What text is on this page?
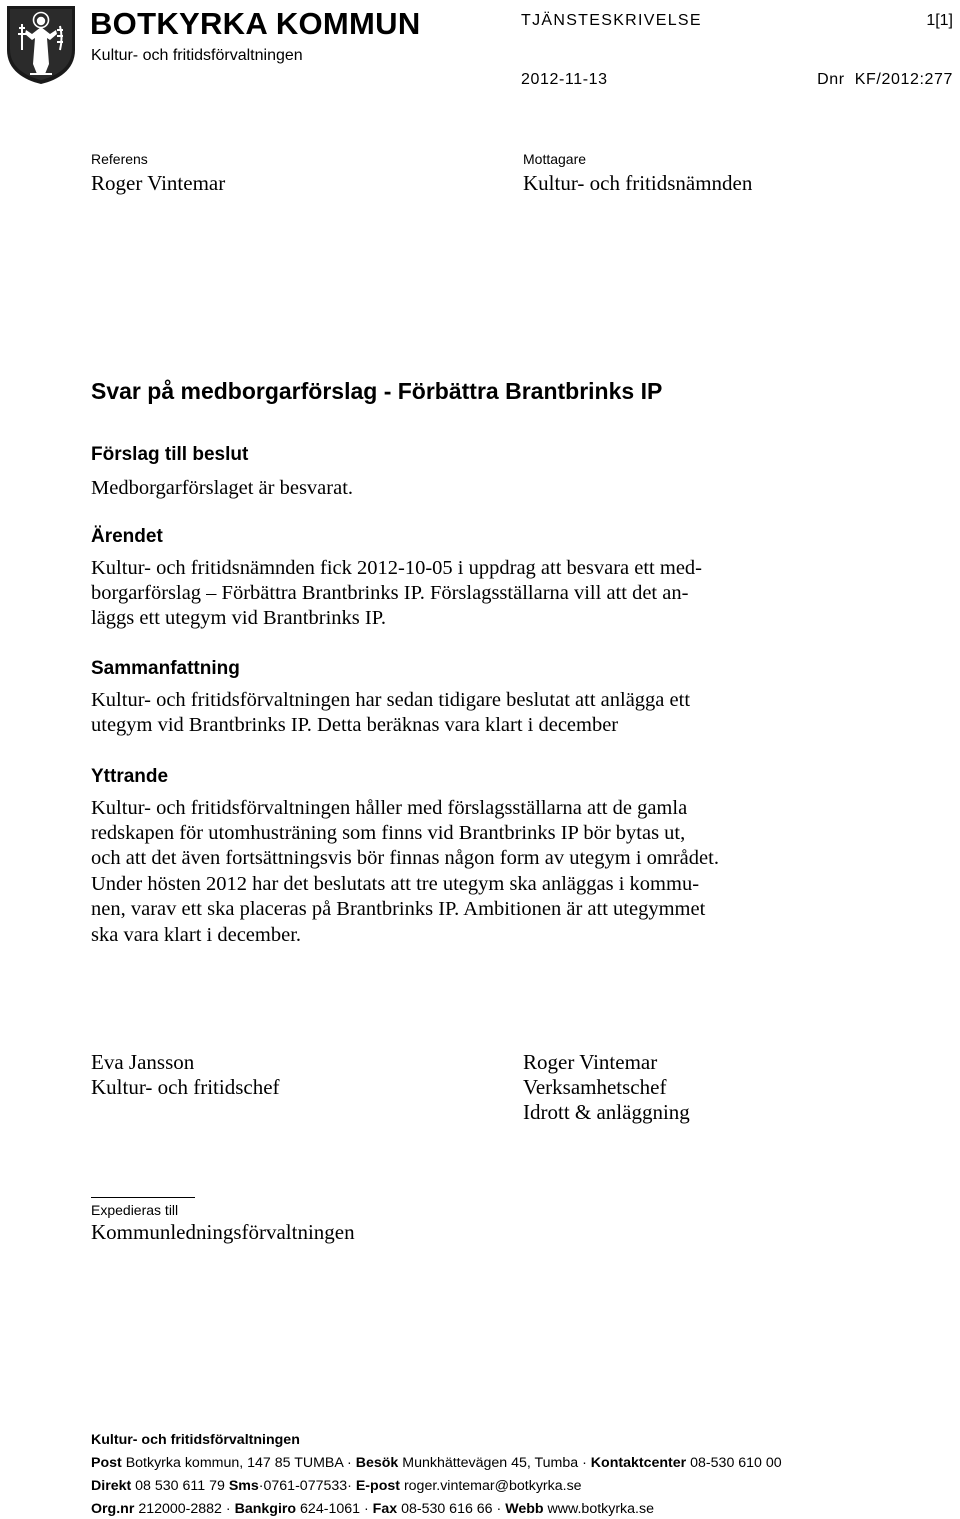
BOTKYRKA KOMMUN
Kultur- och fritidsförvaltningen
TJÄNSTESKRIVELSE	1[1]
2012-11-13	Dnr  KF/2012:277
Referens
Roger Vintemar
Mottagare
Kultur- och fritidsnämnden
Svar på medborgarförslag - Förbättra Brantbrinks IP
Förslag till beslut
Medborgarförslaget är besvarat.
Ärendet
Kultur- och fritidsnämnden fick 2012-10-05 i uppdrag att besvara ett med-
borgarförslag – Förbättra Brantbrinks IP. Förslagsställarna vill att det an-
läggs ett utegym vid Brantbrinks IP.
Sammanfattning
Kultur- och fritidsförvaltningen har sedan tidigare beslutat att anlägga ett
utegym vid Brantbrinks IP. Detta beräknas vara klart i december
Yttrande
Kultur- och fritidsförvaltningen håller med förslagsställarna att de gamla
redskapen för utomhusträning som finns vid Brantbrinks IP bör bytas ut,
och att det även fortsättningsvis bör finnas någon form av utegym i området.
Under hösten 2012 har det beslutats att tre utegym ska anläggas i kommu-
nen, varav ett ska placeras på Brantbrinks IP. Ambitionen är att utegymmet
ska vara klart i december.
Eva Jansson
Kultur- och fritidschef
Roger Vintemar
Verksamhetschef
Idrott & anläggning
Expedieras till
Kommunledningsförvaltningen
Kultur- och fritidsförvaltningen
Post Botkyrka kommun, 147 85 TUMBA · Besök Munkhättevägen 45, Tumba · Kontaktcenter 08-530 610 00
Direkt 08 530 611 79 Sms·0761-077533· E-post roger.vintemar@botkyrka.se
Org.nr 212000-2882 · Bankgiro 624-1061 · Fax 08-530 616 66 · Webb www.botkyrka.se
